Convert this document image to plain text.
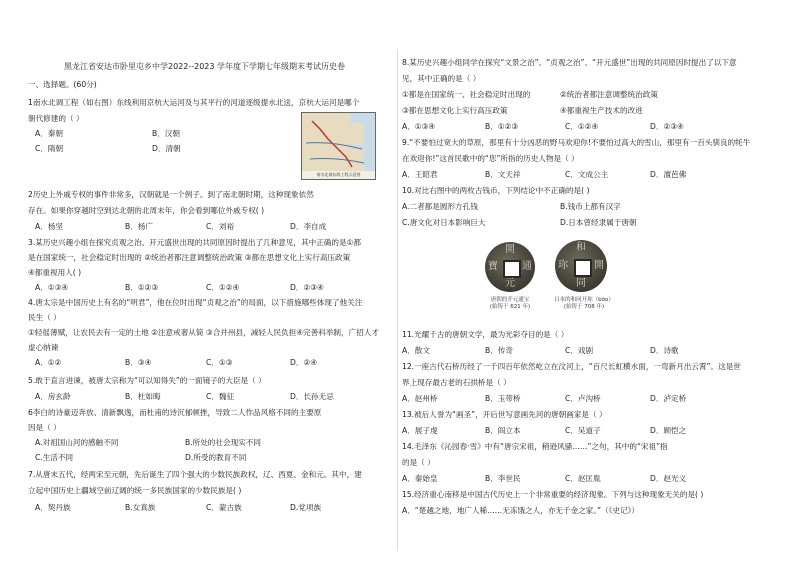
黑龙江省安达市卧里屯乡中学2022--2023 学年度下学期七年级期末考试历史卷
一、选择题。(60分)
1南水北调工程（如右图）东线利用京杭大运河及与其平行的河道逐级提水北送，京杭大运河是哪个
朝代修建的（ ）
A．秦朝	B．汉朝
C．隋朝	D．清朝
南水北调东线工程示意图
2历史上外戚专权的事件非常多，汉朝就是一个例子。到了南北朝时期，这种现象依然
存在。如果你穿越时空到达北朝的北周末年，你会看到哪位外戚专权( )
A．杨坚	B．杨广	C．刘裕	D．李自成
3.某历史兴趣小组在探究贞观之治、开元盛世出现的共同原因时提出了几种意见，其中正确的是①都
是在国家统一，社会稳定时出现的 ②统治者都注意调整统治政策 ③都在思想文化上实行高压政策
④都重视用人( )
A．①③④	B．①②③	C．①②④	D．②③④
4.唐太宗是中国历史上有名的“明君”，他在位时出现“贞观之治”的局面，以下措施哪些体现了他关注
民生（ ）
①轻徭薄赋，让农民去有一定的土地 ②注意戒奢从简 ③合并州县，减轻人民负担④完善科举制，广招人才
虚心纳谏
A．①②	B．③④	C．①③	D．②④
5.敢于直言进谏，被唐太宗称为“可以知得失”的一面镜子的大臣是（ ）
A．房玄龄	B．杜如晦	C．魏征	D．长孙无忌
6李白的诗豪迈奔放、清新飘逸，而杜甫的诗沉郁顿挫，导致二人作品风格不同的主要原
因是（ ）
A.对祖国山河的感触不同	B.所处的社会现实不同
C.生活不同	D.所受的教育不同
7.从唐末五代，经两宋至元朝，先后诞生了四个强大的少数民族政权，辽、西夏、金和元。其中，建
立起中国历史上疆域空前辽阔的统一多民族国家的少数民族是( )
A．契丹族	B.女真族	C．蒙古族	D.党项族
8.某历史兴趣小组同学在探究“文景之治”、“贞观之治”、“开元盛世”出现的共同原因时提出了以下意
见，其中正确的是（ ）
①都是在国家统一、社会稳定时出现的	②统治者都注意调整统治政策
③都在思想文化上实行高压政策	④都重视生产技术的改进
A．①③④	B．①②③	C．①②④	D．②③④
9.“不要怕过宽大的草原，那里有十分凶恶的野马欢迎你!不要怕过高大的雪山，那里有一百头驯良的牦牛
在欢迎你!”这首民歌中的“您”所指的历史人物是（ ）
A．王昭君	B．文天祥	C．文成公主	D．澶芭佛
10.对比右图中的两枚古钱币，下列结论中不正确的是( )
A.二者都是圆形方孔钱	B.钱币上都有汉字
C.唐文化对日本影响巨大	D.日本曾经隶属于唐朝
開
元
通
寶
和
同
開
珎
唐朝的开元通宝
(始铸于 621 年)
日本的和同开珎（bōo）
(始铸于 708 年)
11.光耀千古的唐朝文学，最为光彩夺目的是（ ）
A．散文	B．传奇	C．戏剧	D．诗歌
12.一座古代石桥历经了一千四百年依然屹立在汶河上，“百尺长虹横水面，一弯新月出云霄”。这是世
界上现存最古老的石拱桥是（ ）
A．赵州桥	B．玉带桥	C．卢沟桥	D．泸定桥
13.被后人誉为“画圣”，开后世写意画先河的唐朝画家是（ ）
A．展子虔	B．阎立本	C．吴道子	D．顾恺之
14.毛泽东《沁园春·雪》中有“唐宗宋祖，稍逊风骚……”之句，其中的“宋祖”指
的是（ ）
A．秦始皇	B．李世民	C．赵匡胤	D．赵光义
15.经济重心南移是中国古代历史上一个非常重要的经济现象。下列与这种现象无关的是( )
A．“楚越之地，地广人稀……无冻饿之人，亦无千金之家。”（《史记》）
